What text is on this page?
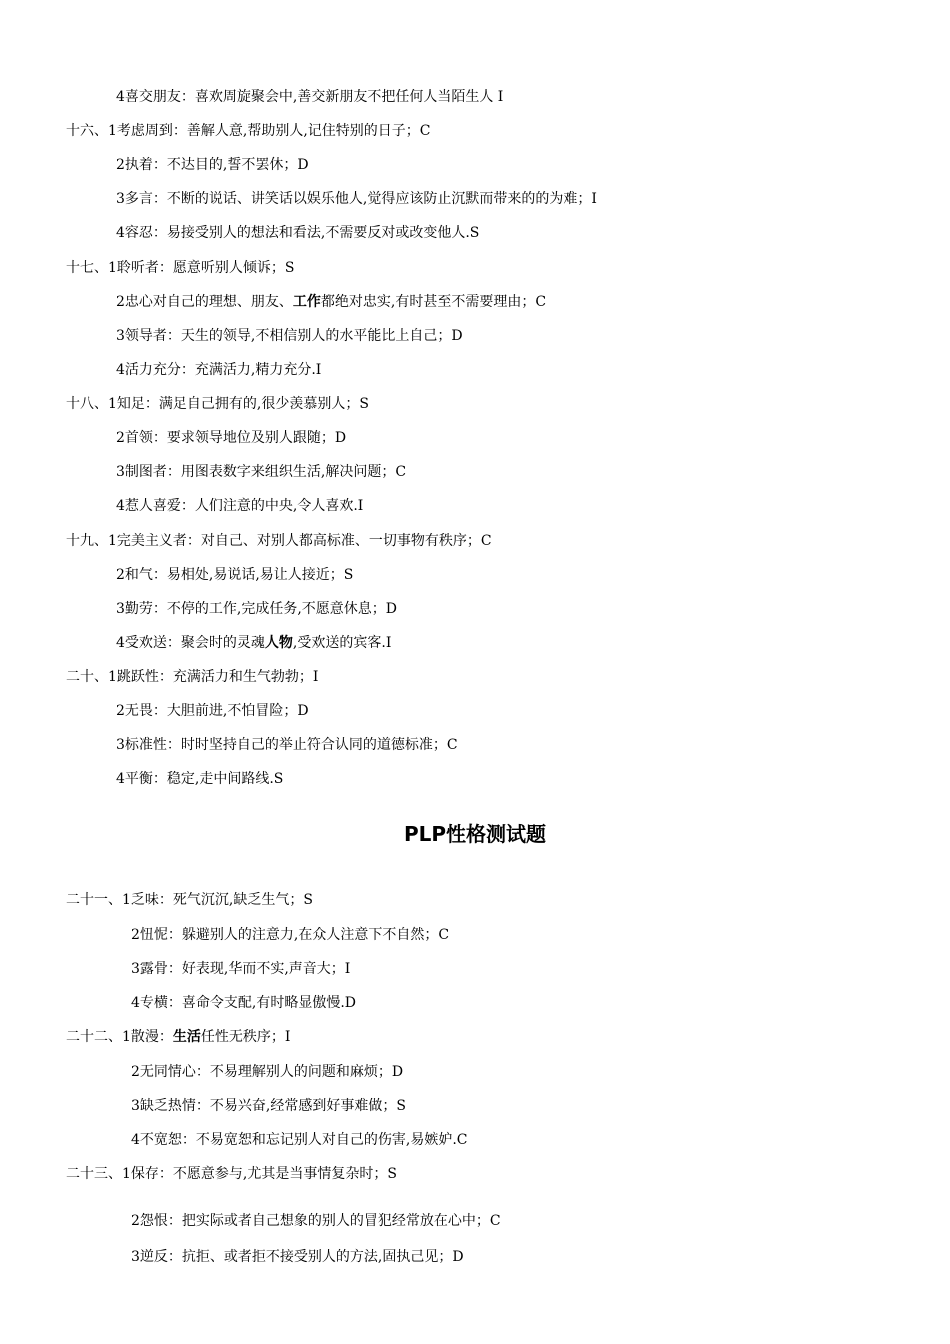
4喜交朋友：喜欢周旋聚会中,善交新朋友不把任何人当陌生人 I
十六、1考虑周到：善解人意,帮助别人,记住特别的日子；C
2执着：不达目的,誓不罢休；D
3多言：不断的说话、讲笑话以娱乐他人,觉得应该防止沉默而带来的的为难；I
4容忍：易接受别人的想法和看法,不需要反对或改变他人.S
十七、1聆听者：愿意听别人倾诉；S
2忠心对自己的理想、朋友、工作都绝对忠实,有时甚至不需要理由；C
3领导者：天生的领导,不相信别人的水平能比上自己；D
4活力充分：充满活力,精力充分.I
十八、1知足：满足自己拥有的,很少羡慕别人；S
2首领：要求领导地位及别人跟随；D
3制图者：用图表数字来组织生活,解决问题；C
4惹人喜爱：人们注意的中央,令人喜欢.I
十九、1完美主义者：对自己、对别人都高标准、一切事物有秩序；C
2和气：易相处,易说话,易让人接近；S
3勤劳：不停的工作,完成任务,不愿意休息；D
4受欢送：聚会时的灵魂人物,受欢送的宾客.I
二十、1跳跃性：充满活力和生气勃勃；I
2无畏：大胆前进,不怕冒险；D
3标准性：时时坚持自己的举止符合认同的道德标准；C
4平衡：稳定,走中间路线.S
PLP性格测试题
二十一、1乏味：死气沉沉,缺乏生气；S
2忸怩：躲避别人的注意力,在众人注意下不自然；C
3露骨：好表现,华而不实,声音大；I
4专横：喜命令支配,有时略显傲慢.D
二十二、1散漫：生活任性无秩序；I
2无同情心：不易理解别人的问题和麻烦；D
3缺乏热情：不易兴奋,经常感到好事难做；S
4不宽恕：不易宽恕和忘记别人对自己的伤害,易嫉妒.C
二十三、1保存：不愿意参与,尤其是当事情复杂时；S
2怨恨：把实际或者自己想象的别人的冒犯经常放在心中；C
3逆反：抗拒、或者拒不接受别人的方法,固执己见；D
